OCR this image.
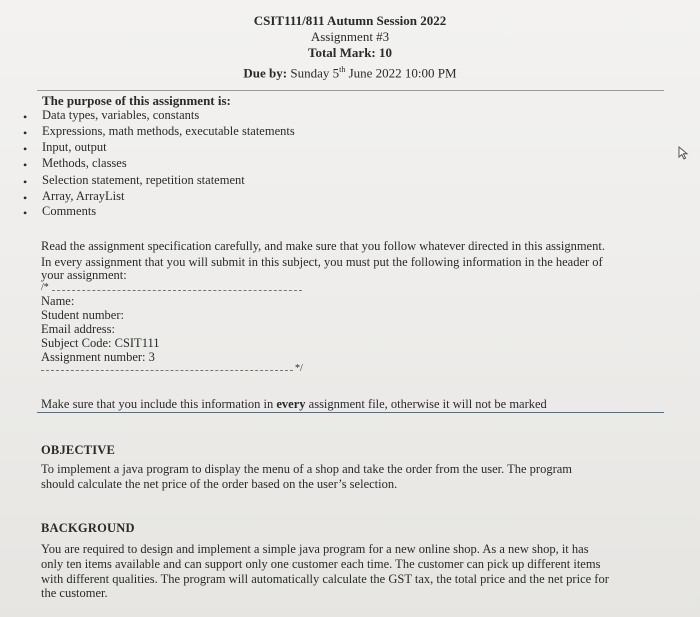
CSIT111/811 Autumn Session 2022
Assignment #3
Total Mark: 10
Due by: Sunday 5th June 2022 10:00 PM
The purpose of this assignment is:
• Data types, variables, constants
• Expressions, math methods, executable statements
• Input, output
• Methods, classes
• Selection statement, repetition statement
• Array, ArrayList
• Comments
Read the assignment specification carefully, and make sure that you follow whatever directed in this assignment.
In every assignment that you will submit in this subject, you must put the following information in the header of
your assignment:
/*
Name:
Student number:
Email address:
Subject Code: CSIT111
Assignment number: 3
*/
Make sure that you include this information in every assignment file, otherwise it will not be marked
OBJECTIVE
To implement a java program to display the menu of a shop and take the order from the user. The program
should calculate the net price of the order based on the user’s selection.
BACKGROUND
You are required to design and implement a simple java program for a new online shop. As a new shop, it has
only ten items available and can support only one customer each time. The customer can pick up different items
with different qualities. The program will automatically calculate the GST tax, the total price and the net price for
the customer.
